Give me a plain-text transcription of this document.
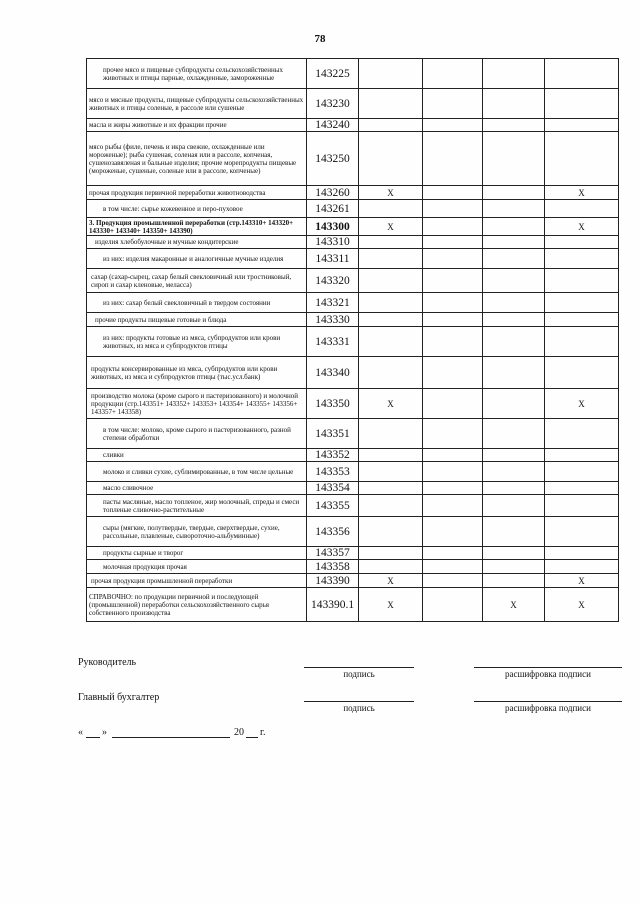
78
прочее мясо и пищевые субпродукты сельскохозяйственных животных и птицы парные, охлажденные, замороженные	143225				
мясо и мясные продукты, пищевые субпродукты сельскохозяйственных животных и птицы соленые, в рассоле или сушеные	143230				
масла и жиры животные и их фракции прочие	143240				
мясо рыбы (филе, печень и икра свежие, охлажденные или мороженые); рыба сушеная, соленая или в рассоле, копченая, сушенозавяленая и бальные изделия; прочие морепродукты пищевые (мороженые, сушеные, соленые или в рассоле, копченые)	143250				
прочая продукция первичной переработки животноводства	143260	X			X
в том числе: сырье кожевенное и перо-пуховое	143261				
3. Продукция промышленной переработки (стр.143310+ 143320+ 143330+ 143340+ 143350+ 143390)	143300	X			X
изделия хлебобулочные и мучные кондитерские	143310				
из них: изделия макаронные и аналогичные мучные изделия	143311				
сахар (сахар-сырец, сахар белый свекловичный или тростниковый, сироп и сахар кленовые, меласса)	143320				
из них: сахар белый свекловичный в твердом состоянии	143321				
прочие продукты пищевые готовые и блюда	143330				
из них: продукты готовые из мяса, субпродуктов или крови животных, из мяса и субпродуктов птицы	143331				
продукты консервированные из мяса, субпродуктов или крови животных, из мяса и субпродуктов птицы (тыс.усл.банк)	143340				
производство молока (кроме сырого и пастеризованного) и молочной продукции (стр.143351+ 143352+ 143353+ 143354+ 143355+ 143356+ 143357+ 143358)	143350	X			X
в том числе: молоко, кроме сырого и пастеризованного, разной степени обработки	143351				
сливки	143352				
молоко и сливки сухие, сублимированные, в том числе цельные	143353				
масло сливочное	143354				
пасты масляные, масло топленое, жир молочный, спреды и смеси топленые сливочно-растительные	143355				
сыры (мягкие, полутвердые, твердые, сверхтвердые, сухие, рассольные, плавленые, сывороточно-альбуминные)	143356				
продукты сырные и творог	143357				
молочная продукция прочая	143358				
прочая продукция промышленной переработки	143390	X			X
СПРАВОЧНО: по продукции первичной и последующей (промышленной) переработки сельскохозяйственного сырья собственного производства	143390.1	X		X	X
Руководитель
подпись	расшифровка подписи
Главный бухгалтер
подпись	расшифровка подписи
« »	20 г.
